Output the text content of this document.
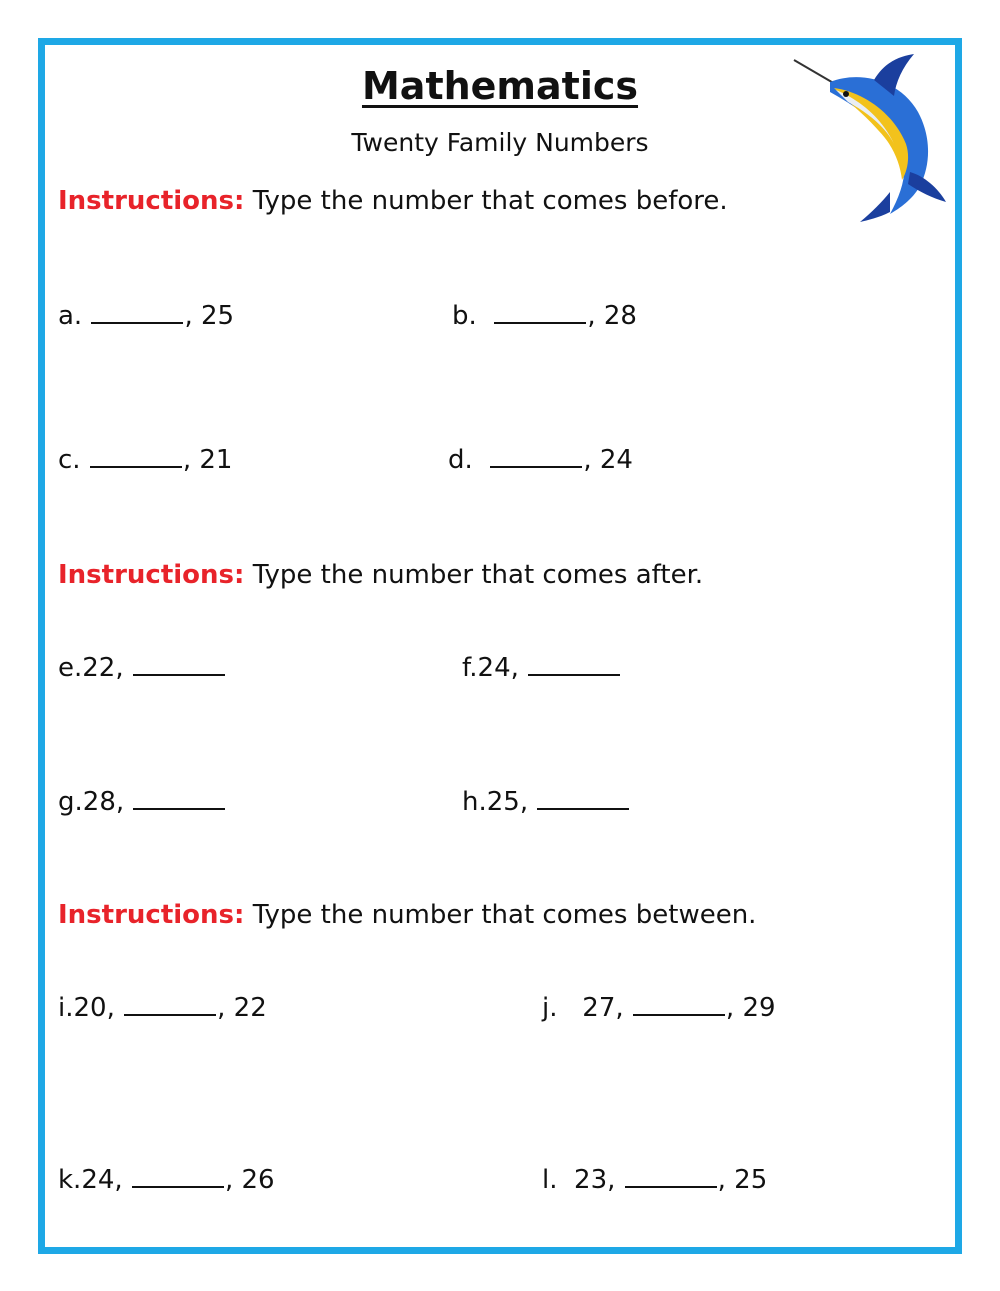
Mathematics
Twenty Family Numbers
Instructions: Type the number that comes before.
a.	, 25	b.	, 28
c.	, 21	d.	, 24
Instructions: Type the number that comes after.
e.22,	f.24,
g.28,	h.25,
Instructions: Type the number that comes between.
i.20,	, 22	j. 27,	, 29
k.24,	, 26	l. 23,	, 25
